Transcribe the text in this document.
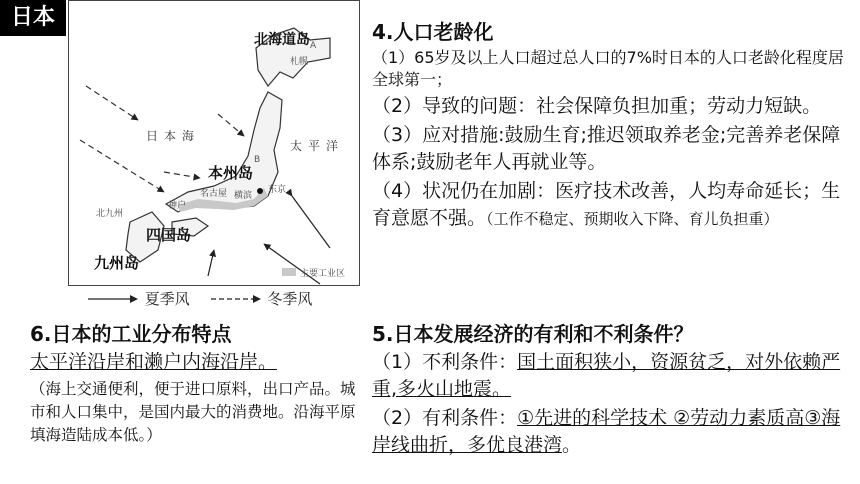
日本
北海道岛
札幌
A
日本海
太平洋
本州岛
B
名古屋 横滨
东京
神户
北九州
四国岛
九州岛
主要工业区
夏季风	冬季风
4.人口老龄化
（1）65岁及以上人口超过总人口的7%时日本的人口老龄化程度居全球第一；
（2）导致的问题：社会保障负担加重；劳动力短缺。
（3）应对措施:鼓励生育;推迟领取养老金;完善养老保障体系;鼓励老年人再就业等。
（4）状况仍在加剧：医疗技术改善，人均寿命延长；生育意愿不强。（工作不稳定、预期收入下降、育儿负担重）
5.日本发展经济的有利和不利条件？
（1）不利条件：国土面积狭小，资源贫乏，对外依赖严重,多火山地震。
（2）有利条件：①先进的科学技术 ②劳动力素质高③海岸线曲折，多优良港湾。
6.日本的工业分布特点
太平洋沿岸和濑户内海沿岸。
（海上交通便利，便于进口原料，出口产品。城市和人口集中，是国内最大的消费地。沿海平原填海造陆成本低。）
